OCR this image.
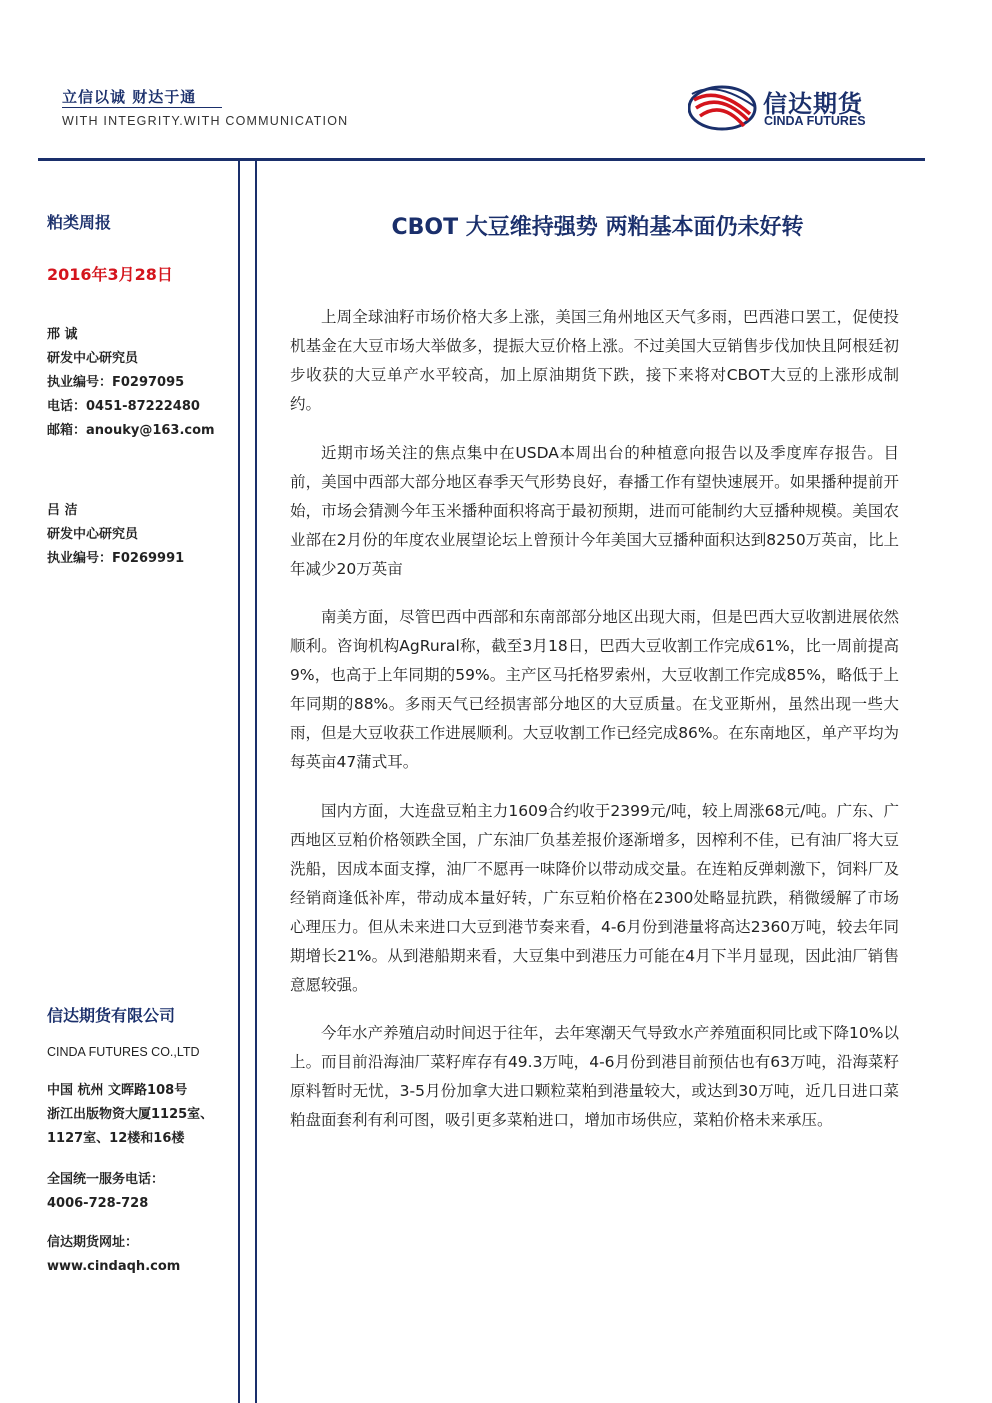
立信以诚 财达于通
WITH INTEGRITY.WITH COMMUNICATION
信达期货
CINDA FUTURES
粕类周报
2016年3月28日
邢 诚
研发中心研究员
执业编号：F0297095
电话：0451-87222480
邮箱：anouky@163.com
吕 洁
研发中心研究员
执业编号：F0269991
信达期货有限公司
CINDA FUTURES CO.,LTD
中国 杭州 文晖路108号
浙江出版物资大厦1125室、
1127室、12楼和16楼
全国统一服务电话：
4006-728-728
信达期货网址：
www.cindaqh.com
CBOT 大豆维持强势 两粕基本面仍未好转

上周全球油籽市场价格大多上涨，美国三角州地区天气多雨，巴西港口罢工，促使投机基金在大豆市场大举做多，提振大豆价格上涨。不过美国大豆销售步伐加快且阿根廷初步收获的大豆单产水平较高，加上原油期货下跌，接下来将对CBOT大豆的上涨形成制约。

近期市场关注的焦点集中在USDA本周出台的种植意向报告以及季度库存报告。目前，美国中西部大部分地区春季天气形势良好，春播工作有望快速展开。如果播种提前开始，市场会猜测今年玉米播种面积将高于最初预期，进而可能制约大豆播种规模。美国农业部在2月份的年度农业展望论坛上曾预计今年美国大豆播种面积达到8250万英亩，比上年减少20万英亩

南美方面，尽管巴西中西部和东南部部分地区出现大雨，但是巴西大豆收割进展依然顺利。咨询机构AgRural称，截至3月18日，巴西大豆收割工作完成61%，比一周前提高9%，也高于上年同期的59%。主产区马托格罗索州，大豆收割工作完成85%，略低于上年同期的88%。多雨天气已经损害部分地区的大豆质量。在戈亚斯州，虽然出现一些大雨，但是大豆收获工作进展顺利。大豆收割工作已经完成86%。在东南地区，单产平均为每英亩47蒲式耳。

国内方面，大连盘豆粕主力1609合约收于2399元/吨，较上周涨68元/吨。广东、广西地区豆粕价格领跌全国，广东油厂负基差报价逐渐增多，因榨利不佳，已有油厂将大豆洗船，因成本面支撑，油厂不愿再一味降价以带动成交量。在连粕反弹刺激下，饲料厂及经销商逢低补库，带动成本量好转，广东豆粕价格在2300处略显抗跌，稍微缓解了市场心理压力。但从未来进口大豆到港节奏来看，4-6月份到港量将高达2360万吨，较去年同期增长21%。从到港船期来看，大豆集中到港压力可能在4月下半月显现，因此油厂销售意愿较强。

今年水产养殖启动时间迟于往年，去年寒潮天气导致水产养殖面积同比或下降10%以上。而目前沿海油厂菜籽库存有49.3万吨，4-6月份到港目前预估也有63万吨，沿海菜籽原料暂时无忧，3-5月份加拿大进口颗粒菜粕到港量较大，或达到30万吨，近几日进口菜粕盘面套利有利可图，吸引更多菜粕进口，增加市场供应，菜粕价格未来承压。
